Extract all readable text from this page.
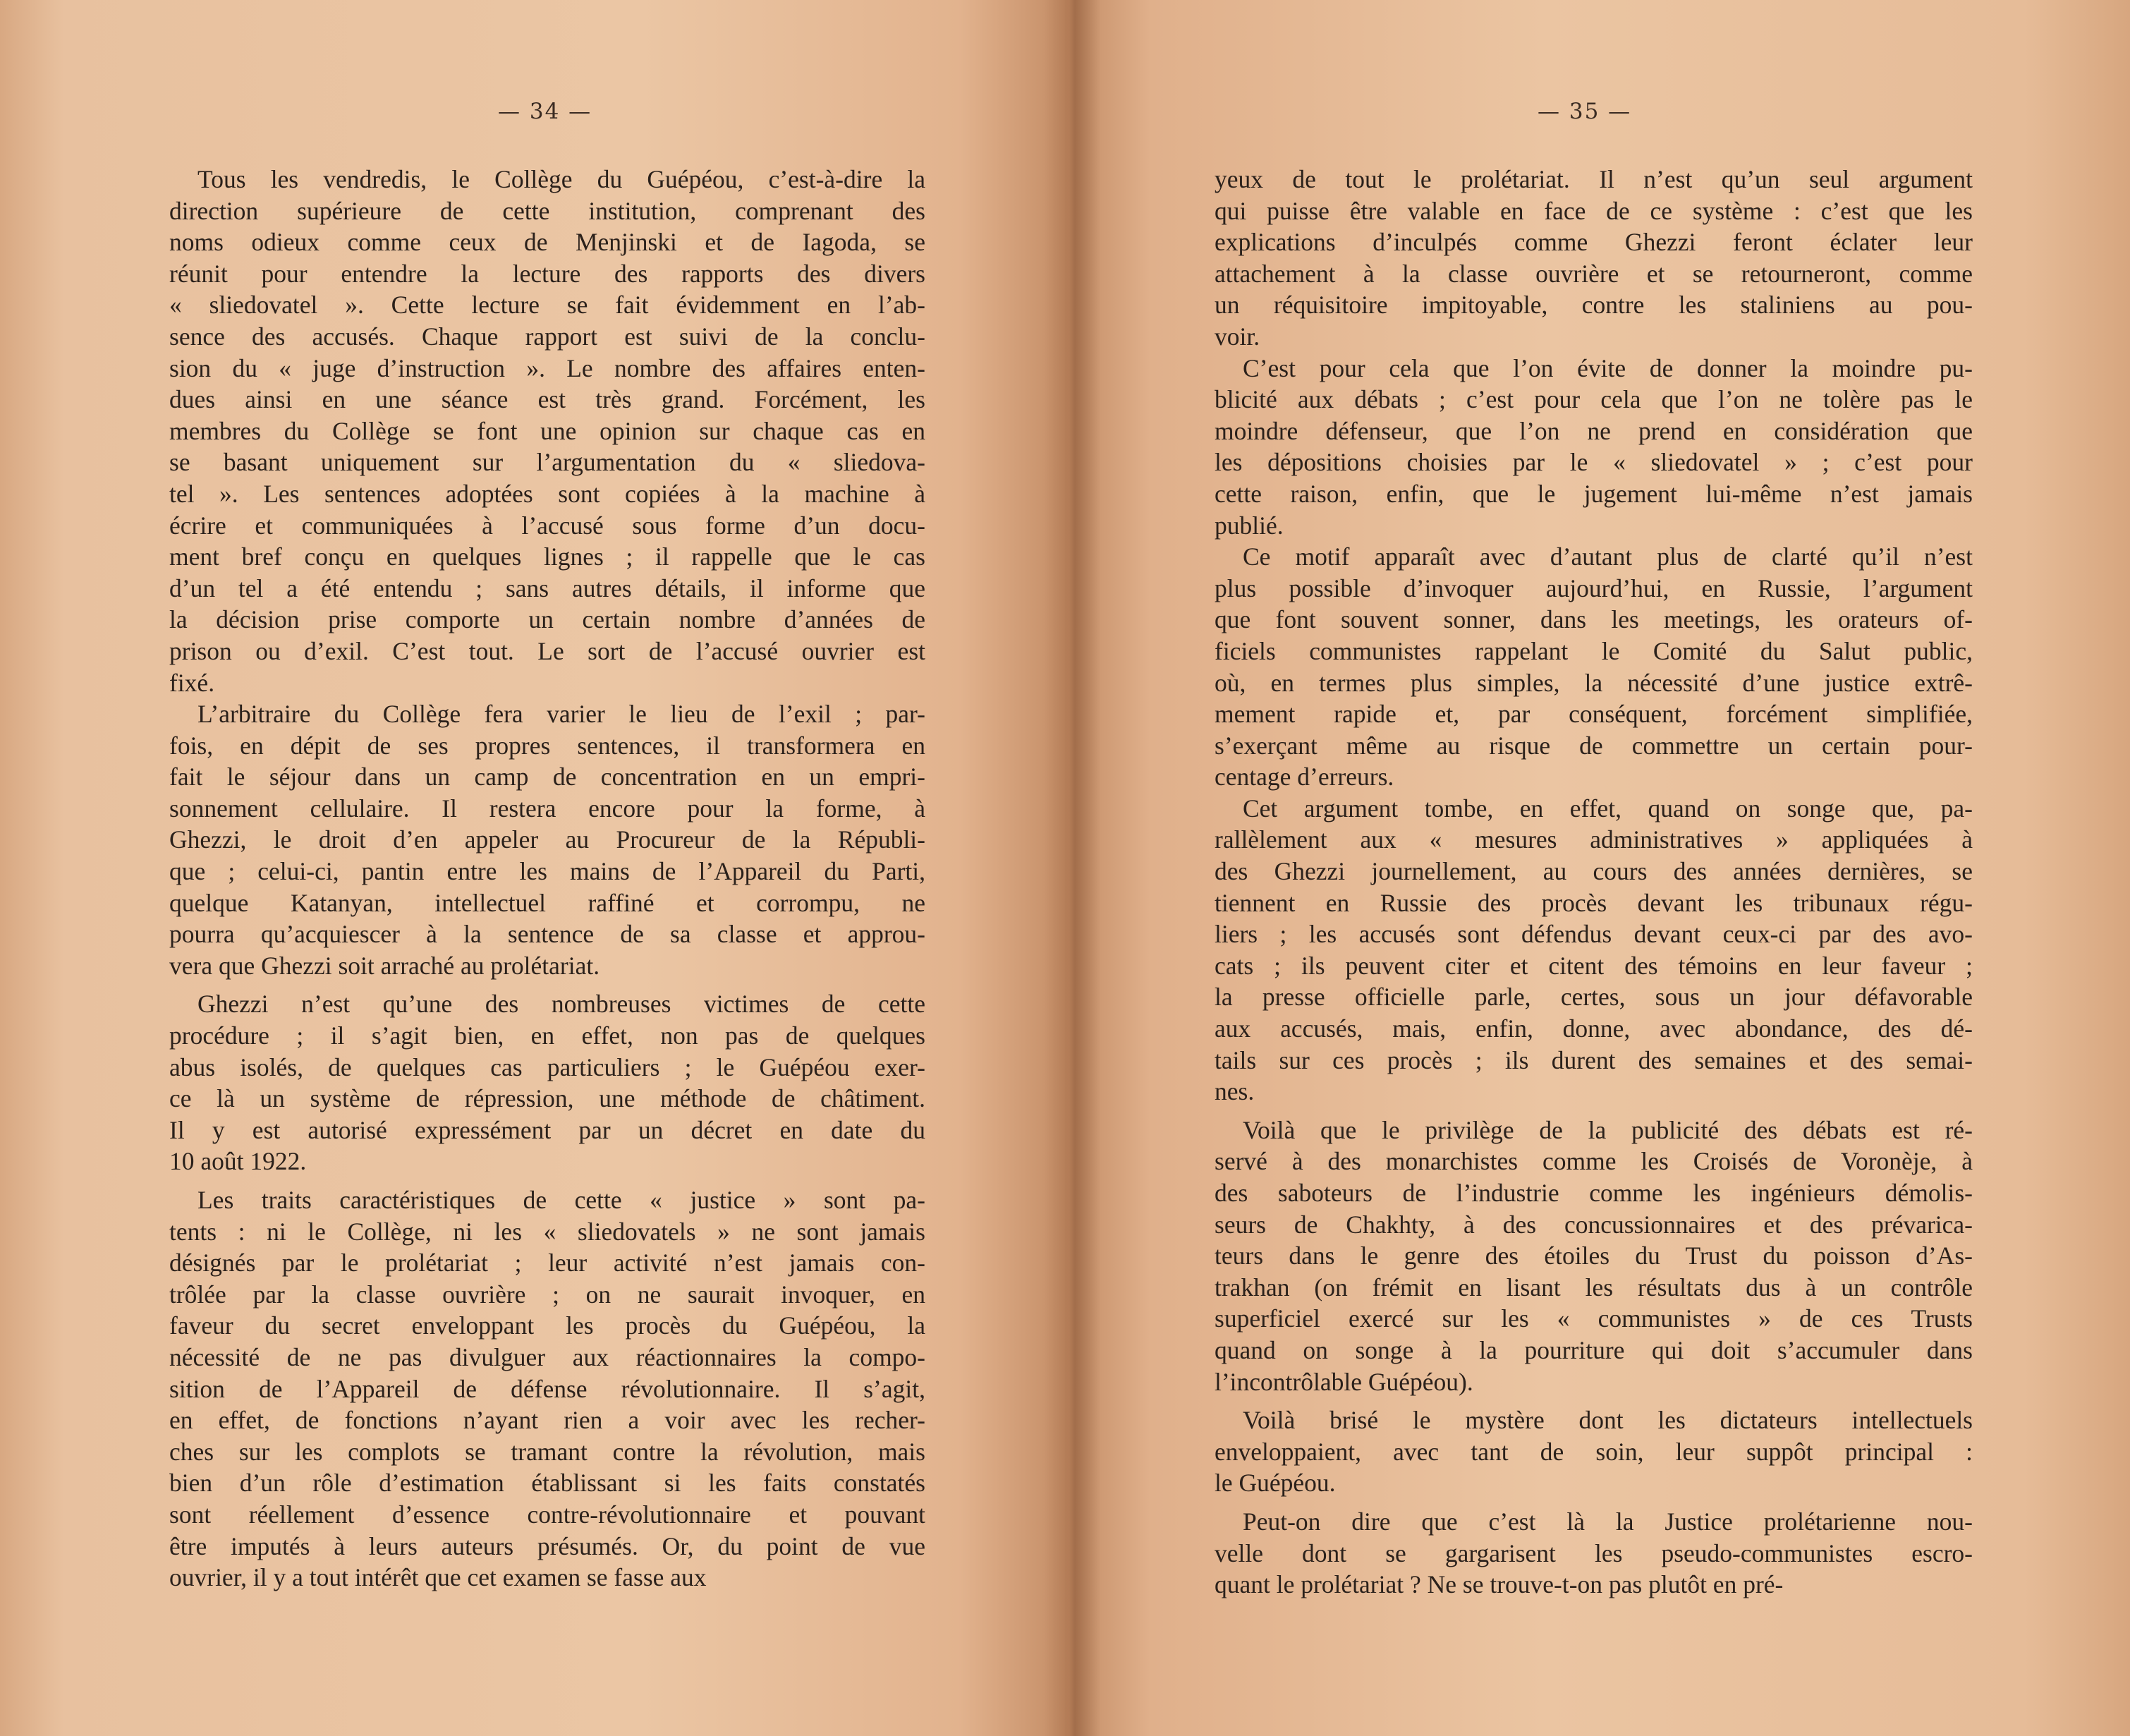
— 34 —	— 35 —
Tous les vendredis, le Collège du Guépéou, c’est-à-dire la
direction supérieure de cette institution, comprenant des
noms odieux comme ceux de Menjinski et de Iagoda, se
réunit pour entendre la lecture des rapports des divers
« sliedovatel ». Cette lecture se fait évidemment en l’ab-
sence des accusés. Chaque rapport est suivi de la conclu-
sion du « juge d’instruction ». Le nombre des affaires enten-
dues ainsi en une séance est très grand. Forcément, les
membres du Collège se font une opinion sur chaque cas en
se basant uniquement sur l’argumentation du « sliedova-
tel ». Les sentences adoptées sont copiées à la machine à
écrire et communiquées à l’accusé sous forme d’un docu-
ment bref conçu en quelques lignes ; il rappelle que le cas
d’un tel a été entendu ; sans autres détails, il informe que
la décision prise comporte un certain nombre d’années de
prison ou d’exil. C’est tout. Le sort de l’accusé ouvrier est
fixé.
L’arbitraire du Collège fera varier le lieu de l’exil ; par-
fois, en dépit de ses propres sentences, il transformera en
fait le séjour dans un camp de concentration en un empri-
sonnement cellulaire. Il restera encore pour la forme, à
Ghezzi, le droit d’en appeler au Procureur de la Républi-
que ; celui-ci, pantin entre les mains de l’Appareil du Parti,
quelque Katanyan, intellectuel raffiné et corrompu, ne
pourra qu’acquiescer à la sentence de sa classe et approu-
vera que Ghezzi soit arraché au prolétariat.
Ghezzi n’est qu’une des nombreuses victimes de cette
procédure ; il s’agit bien, en effet, non pas de quelques
abus isolés, de quelques cas particuliers ; le Guépéou exer-
ce là un système de répression, une méthode de châtiment.
Il y est autorisé expressément par un décret en date du
10 août 1922.
Les traits caractéristiques de cette « justice » sont pa-
tents : ni le Collège, ni les « sliedovatels » ne sont jamais
désignés par le prolétariat ; leur activité n’est jamais con-
trôlée par la classe ouvrière ; on ne saurait invoquer, en
faveur du secret enveloppant les procès du Guépéou, la
nécessité de ne pas divulguer aux réactionnaires la compo-
sition de l’Appareil de défense révolutionnaire. Il s’agit,
en effet, de fonctions n’ayant rien a voir avec les recher-
ches sur les complots se tramant contre la révolution, mais
bien d’un rôle d’estimation établissant si les faits constatés
sont réellement d’essence contre-révolutionnaire et pouvant
être imputés à leurs auteurs présumés. Or, du point de vue
ouvrier, il y a tout intérêt que cet examen se fasse aux
yeux de tout le prolétariat. Il n’est qu’un seul argument
qui puisse être valable en face de ce système : c’est que les
explications d’inculpés comme Ghezzi feront éclater leur
attachement à la classe ouvrière et se retourneront, comme
un réquisitoire impitoyable, contre les staliniens au pou-
voir.
C’est pour cela que l’on évite de donner la moindre pu-
blicité aux débats ; c’est pour cela que l’on ne tolère pas le
moindre défenseur, que l’on ne prend en considération que
les dépositions choisies par le « sliedovatel » ; c’est pour
cette raison, enfin, que le jugement lui-même n’est jamais
publié.
Ce motif apparaît avec d’autant plus de clarté qu’il n’est
plus possible d’invoquer aujourd’hui, en Russie, l’argument
que font souvent sonner, dans les meetings, les orateurs of-
ficiels communistes rappelant le Comité du Salut public,
où, en termes plus simples, la nécessité d’une justice extrê-
mement rapide et, par conséquent, forcément simplifiée,
s’exerçant même au risque de commettre un certain pour-
centage d’erreurs.
Cet argument tombe, en effet, quand on songe que, pa-
rallèlement aux « mesures administratives » appliquées à
des Ghezzi journellement, au cours des années dernières, se
tiennent en Russie des procès devant les tribunaux régu-
liers ; les accusés sont défendus devant ceux-ci par des avo-
cats ; ils peuvent citer et citent des témoins en leur faveur ;
la presse officielle parle, certes, sous un jour défavorable
aux accusés, mais, enfin, donne, avec abondance, des dé-
tails sur ces procès ; ils durent des semaines et des semai-
nes.
Voilà que le privilège de la publicité des débats est ré-
servé à des monarchistes comme les Croisés de Voronèje, à
des saboteurs de l’industrie comme les ingénieurs démolis-
seurs de Chakhty, à des concussionnaires et des prévarica-
teurs dans le genre des étoiles du Trust du poisson d’As-
trakhan (on frémit en lisant les résultats dus à un contrôle
superficiel exercé sur les « communistes » de ces Trusts
quand on songe à la pourriture qui doit s’accumuler dans
l’incontrôlable Guépéou).
Voilà brisé le mystère dont les dictateurs intellectuels
enveloppaient, avec tant de soin, leur suppôt principal :
le Guépéou.
Peut-on dire que c’est là la Justice prolétarienne nou-
velle dont se gargarisent les pseudo-communistes escro-
quant le prolétariat ? Ne se trouve-t-on pas plutôt en pré-
